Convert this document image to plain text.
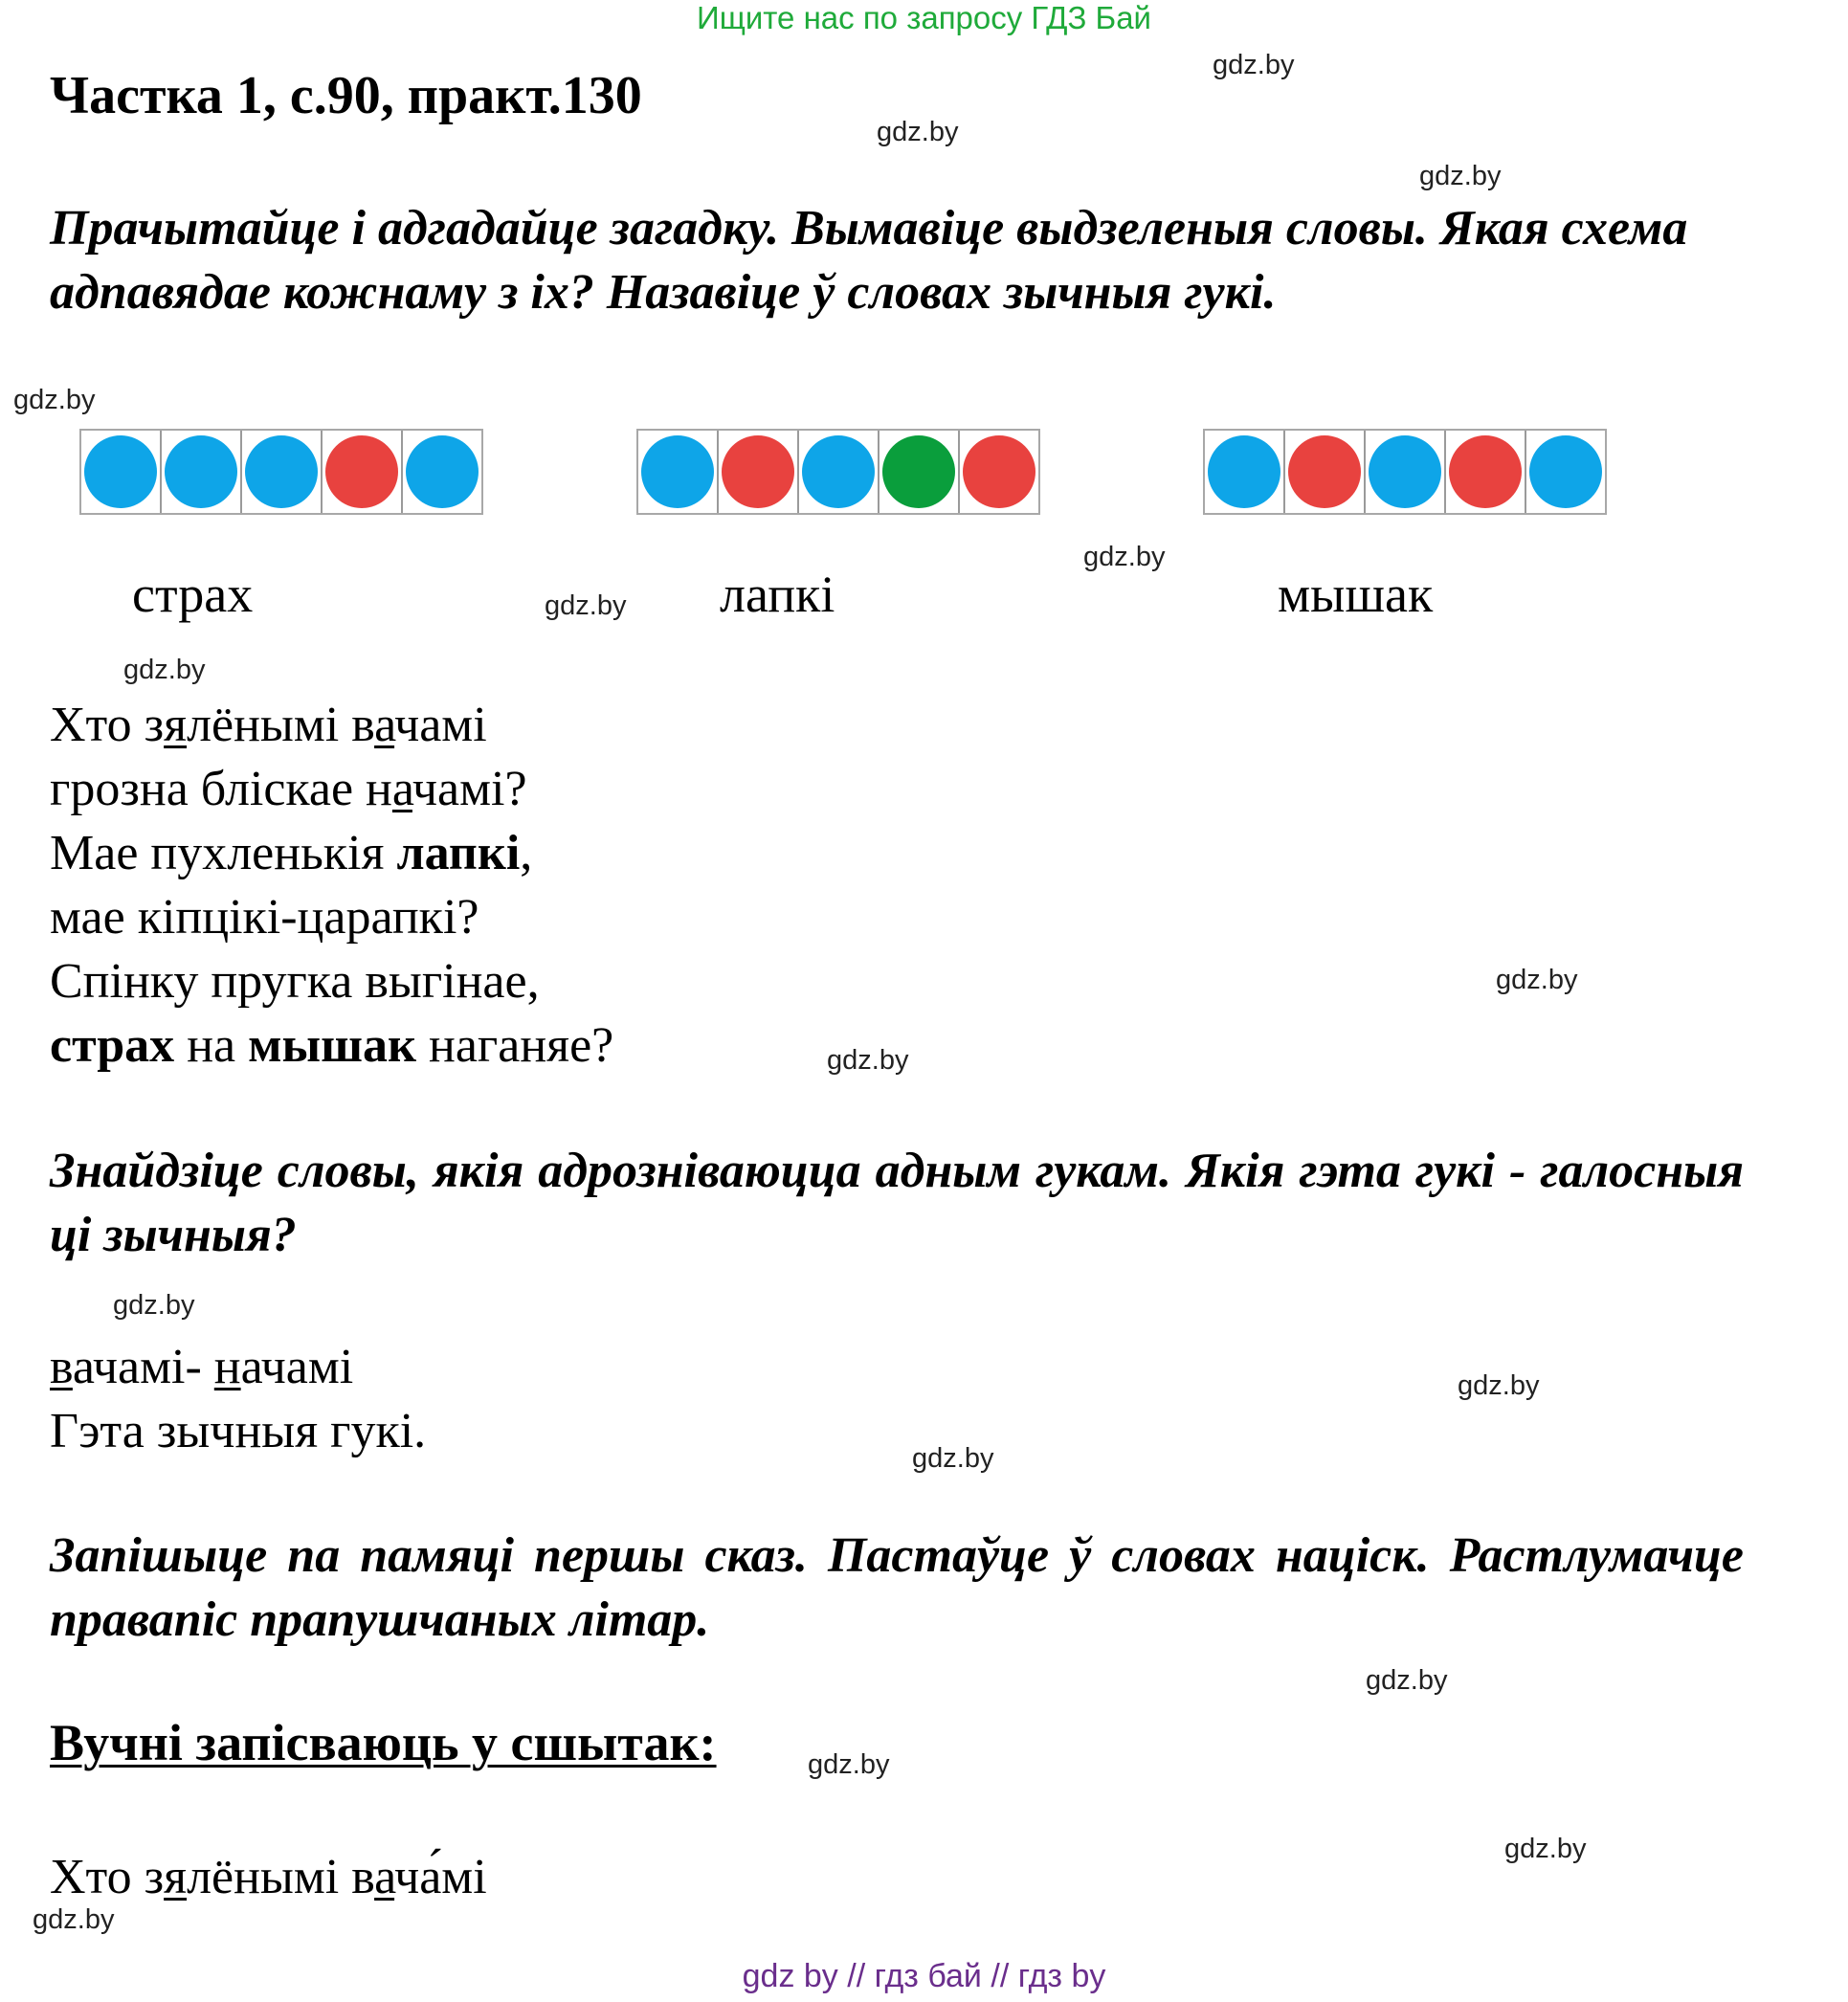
Ищите нас по запросу ГДЗ Бай
Частка 1, с.90, практ.130
Прачытайце і адгадайце загадку. Вымавіце выдзеленыя словы. Якая схема адпавядае кожнаму з іх? Назавіце ў словах зычныя гукі.
страх	лапкі	мышак
Хто зялёнымі вачамі
грозна бліскае начамі?
Мае пухленькія лапкі,
мае кіпцікі-царапкі?
Спінку пругка выгінае,
страх на мышак наганяе?
Знайдзіце словы, якія адрозніваюцца адным гукам. Якія гэта гукі - галосныя ці зычныя?
вачамі- начамі
Гэта зычныя гукі.
Запішыце па памяці першы сказ. Пастаўце ў словах націск. Растлумачце правапіс прапушчаных літар.
Вучні запісваюць у сшытак:
Хто зялёнымі вача́мі
gdz.by
gdz.by
gdz.by
gdz.by
gdz.by
gdz.by
gdz.by
gdz.by
gdz.by
gdz.by
gdz.by
gdz.by
gdz.by
gdz.by
gdz.by
gdz.by
gdz by // гдз бай // гдз by
